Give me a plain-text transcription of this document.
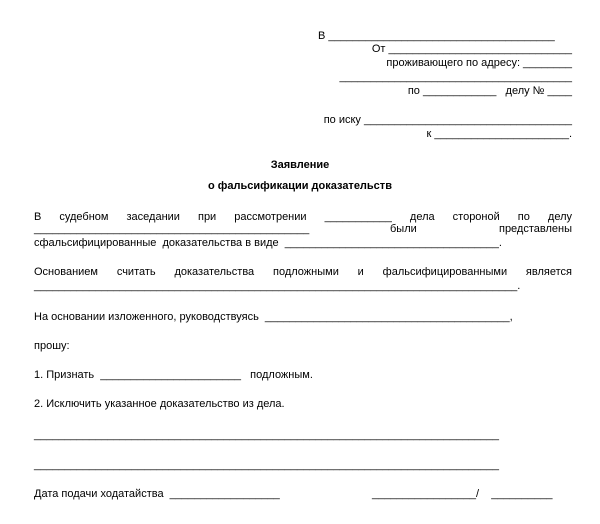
В _____________________________________
От ______________________________
проживающего по адресу: ________
______________________________________
по ____________   делу № ____
по иску __________________________________
к ______________________.
Заявление
о фальсификации доказательств
В судебном заседании при рассмотрении ___________ дела стороной по делу
_____________________________________________	были	представлены
сфальсифицированные  доказательства в виде  ___________________________________.
Основанием считать доказательства подложными и фальсифицированными является
_______________________________________________________________________________.
На основании изложенного, руководствуясь  ________________________________________,
прошу:
1. Признать  _______________________   подложным.
2. Исключить указанное доказательство из дела.
____________________________________________________________________________
____________________________________________________________________________
Дата подачи ходатайства  __________________	_________________/    __________
